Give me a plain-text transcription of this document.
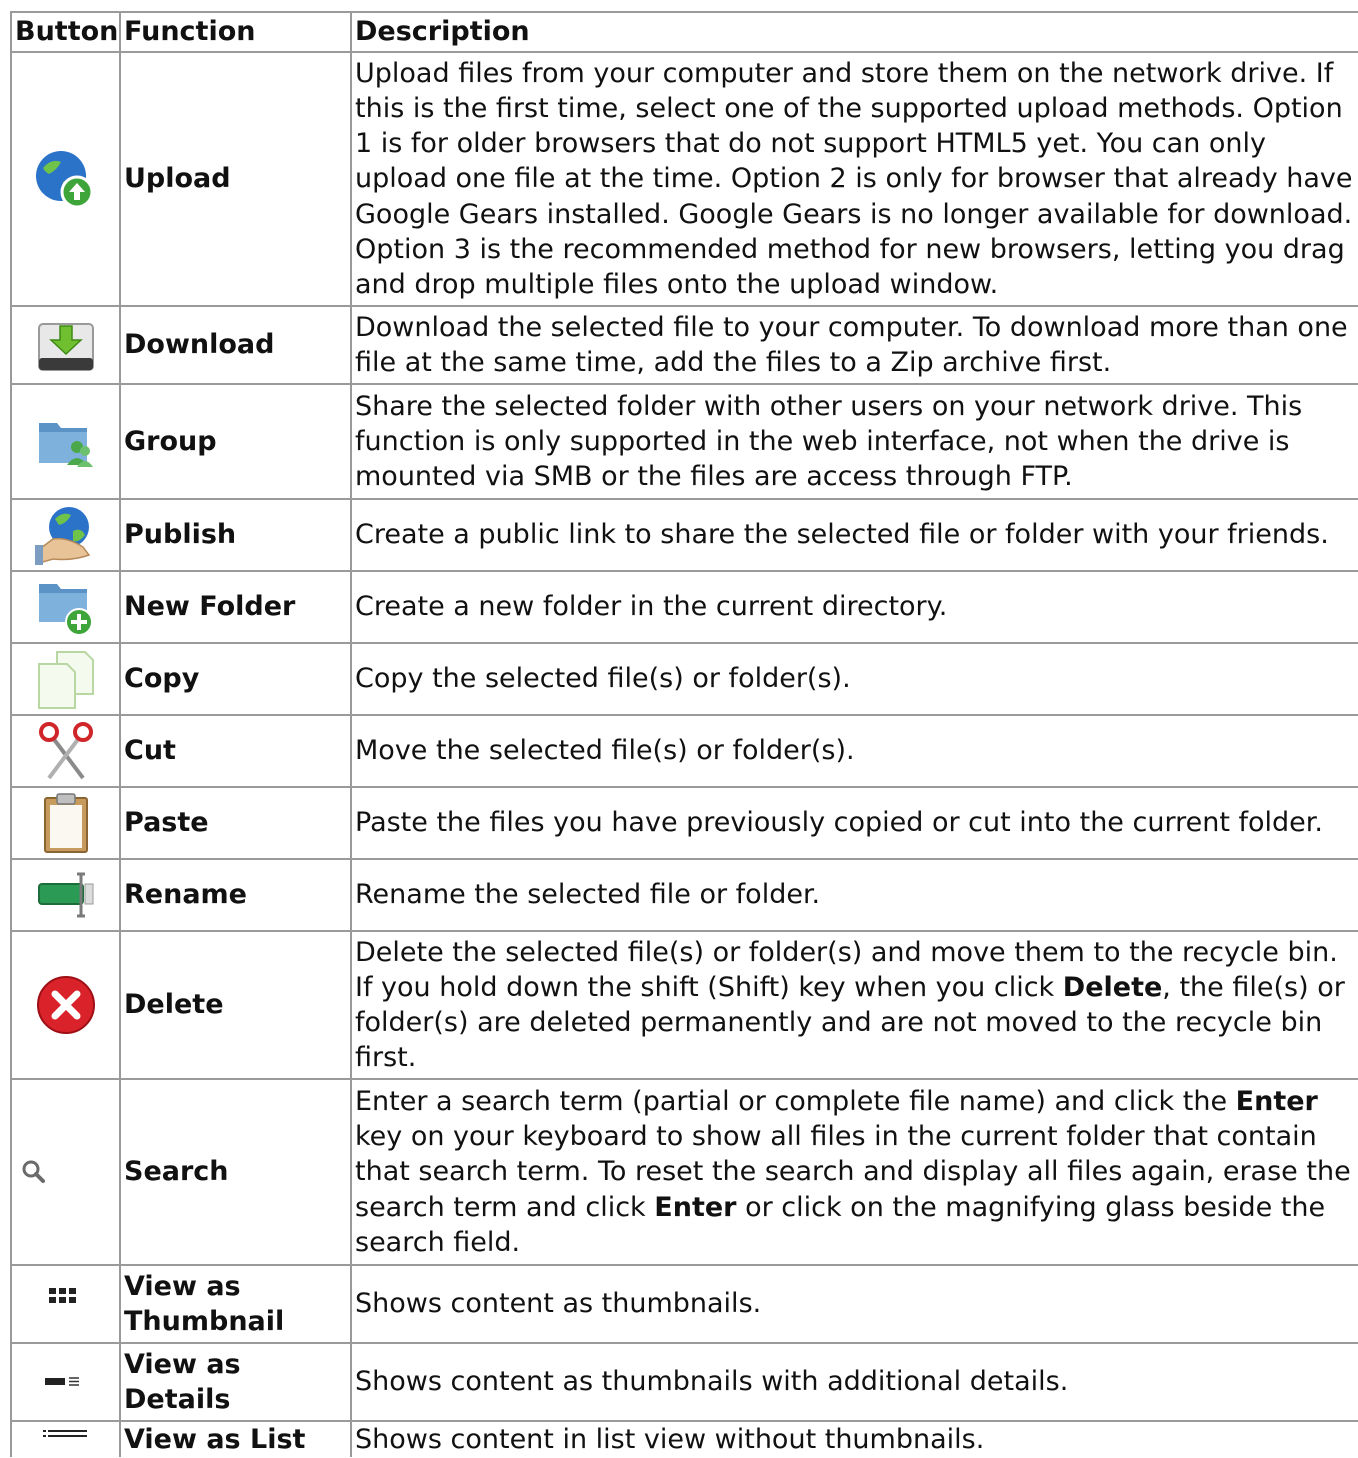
Button	Function	Description

	Upload	Upload files from your computer and store them on the network drive. If this is the first time, select one of the supported upload methods. Option 1 is for older browsers that do not support HTML5 yet. You can only upload one file at the time. Option 2 is only for browser that already have Google Gears installed. Google Gears is no longer available for download. Option 3 is the recommended method for new browsers, letting you drag and drop multiple files onto the upload window.

	Download	Download the selected file to your computer. To download more than one file at the same time, add the files to a Zip archive first.

	Group	Share the selected folder with other users on your network drive. This function is only supported in the web interface, not when the drive is mounted via SMB or the files are access through FTP.

	Publish	Create a public link to share the selected file or folder with your friends.

	New Folder	Create a new folder in the current directory.

	Copy	Copy the selected file(s) or folder(s).

	Cut	Move the selected file(s) or folder(s).

	Paste	Paste the files you have previously copied or cut into the current folder.

	Rename	Rename the selected file or folder.

	Delete	Delete the selected file(s) or folder(s) and move them to the recycle bin. If you hold down the shift (Shift) key when you click Delete, the file(s) or folder(s) are deleted permanently and are not moved to the recycle bin first.

	Search	Enter a search term (partial or complete file name) and click the Enter key on your keyboard to show all files in the current folder that contain that search term. To reset the search and display all files again, erase the search term and click Enter or click on the magnifying glass beside the search field.

	View as Thumbnail	Shows content as thumbnails.

	View as Details	Shows content as thumbnails with additional details.

	View as List	Shows content in list view without thumbnails.
